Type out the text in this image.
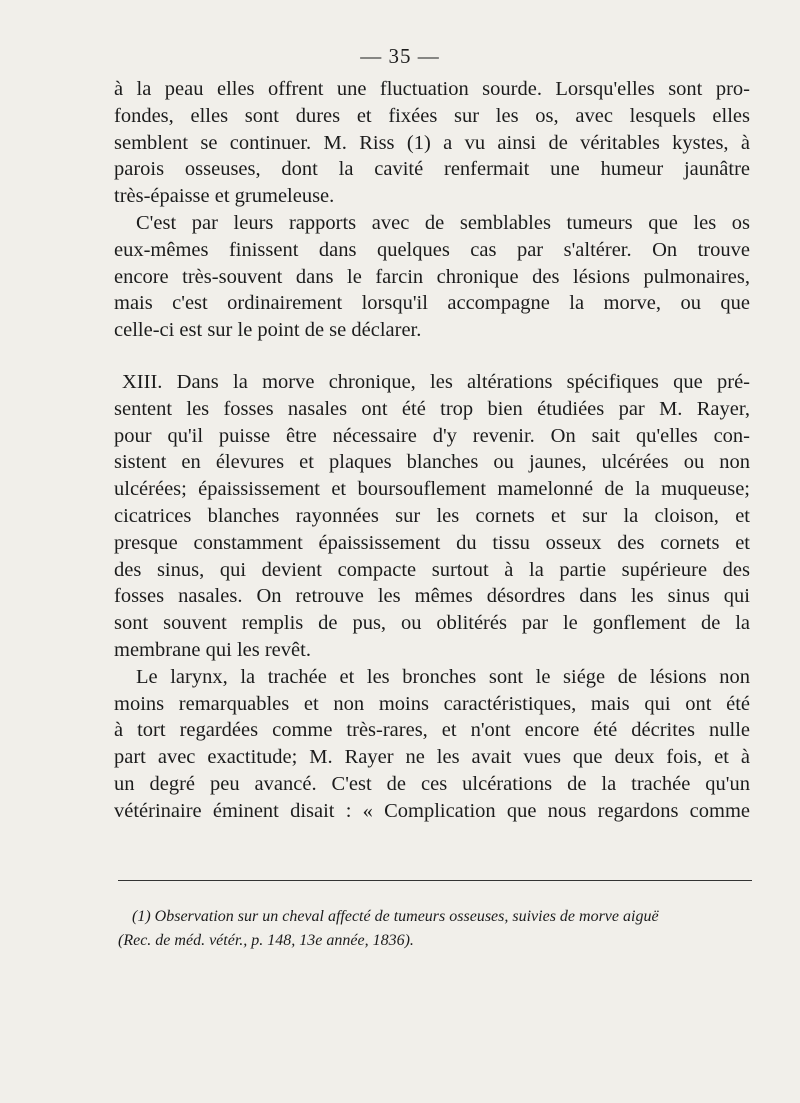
— 35 —
à la peau elles offrent une fluctuation sourde. Lorsqu'elles sont pro-
fondes, elles sont dures et fixées sur les os, avec lesquels elles
semblent se continuer. M. Riss (1) a vu ainsi de véritables kystes, à
parois osseuses, dont la cavité renfermait une humeur jaunâtre
très-épaisse et grumeleuse.
C'est par leurs rapports avec de semblables tumeurs que les os
eux-mêmes finissent dans quelques cas par s'altérer. On trouve
encore très-souvent dans le farcin chronique des lésions pulmonaires,
mais c'est ordinairement lorsqu'il accompagne la morve, ou que
celle-ci est sur le point de se déclarer.
XIII. Dans la morve chronique, les altérations spécifiques que pré-
sentent les fosses nasales ont été trop bien étudiées par M. Rayer,
pour qu'il puisse être nécessaire d'y revenir. On sait qu'elles con-
sistent en élevures et plaques blanches ou jaunes, ulcérées ou non
ulcérées; épaississement et boursouflement mamelonné de la muqueuse;
cicatrices blanches rayonnées sur les cornets et sur la cloison, et
presque constamment épaississement du tissu osseux des cornets et
des sinus, qui devient compacte surtout à la partie supérieure des
fosses nasales. On retrouve les mêmes désordres dans les sinus qui
sont souvent remplis de pus, ou oblitérés par le gonflement de la
membrane qui les revêt.
Le larynx, la trachée et les bronches sont le siége de lésions non
moins remarquables et non moins caractéristiques, mais qui ont été
à tort regardées comme très-rares, et n'ont encore été décrites nulle
part avec exactitude; M. Rayer ne les avait vues que deux fois, et à
un degré peu avancé. C'est de ces ulcérations de la trachée qu'un
vétérinaire éminent disait : « Complication que nous regardons comme
(1) Observation sur un cheval affecté de tumeurs osseuses, suivies de morve aiguë
(Rec. de méd. vétér., p. 148, 13e année, 1836).
